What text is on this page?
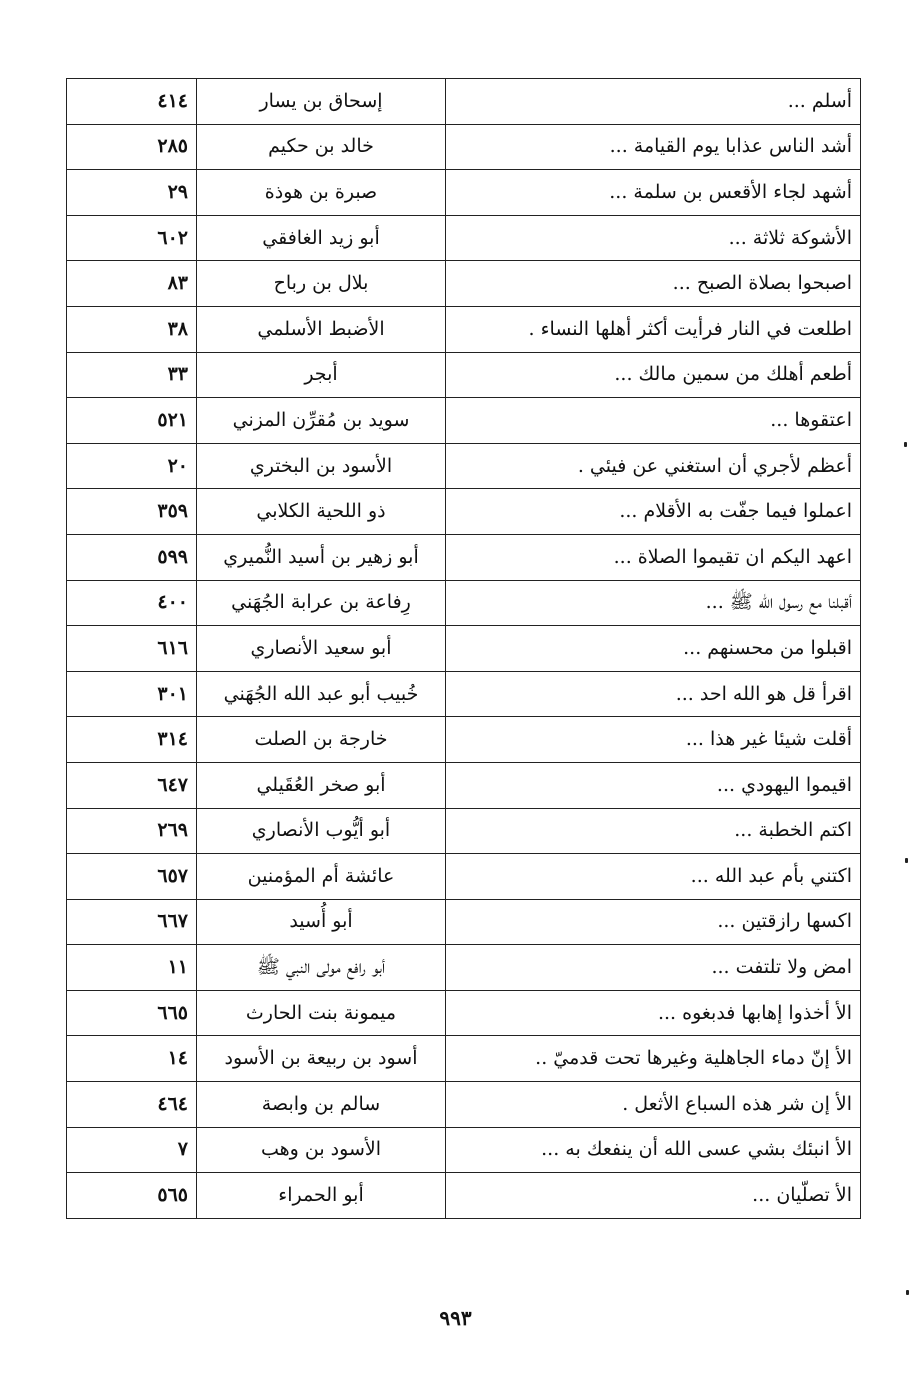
أسلم ...	إسحاق بن يسار	٤١٤
أشد الناس عذابا يوم القيامة ...	خالد بن حكيم	٢٨٥
أشهد لجاء الأقعس بن سلمة ...	صبرة بن هوذة	٢٩
الأشوكة ثلاثة ...	أبو زيد الغافقي	٦٠٢
اصبحوا بصلاة الصبح ...	بلال بن رباح	٨٣
اطلعت في النار فرأيت أكثر أهلها النساء .	الأضبط الأسلمي	٣٨
أطعم أهلك من سمين مالك ...	أبجر	٣٣
اعتقوها ...	سويد بن مُقرِّن المزني	٥٢١
أعظم لأجري أن استغني عن فيئي .	الأسود بن البختري	٢٠
اعملوا فيما جفّت به الأقلام ...	ذو اللحية الكلابي	٣٥٩
اعهد اليكم ان تقيموا الصلاة ...	أبو زهير بن أسيد النُّميري	٥٩٩
أقبلنا مع رسول الله ﷺ ...	رِفاعة بن عرابة الجُهَني	٤٠٠
اقبلوا من محسنهم ...	أبو سعيد الأنصاري	٦١٦
اقرأ قل هو الله احد ...	خُبيب أبو عبد الله الجُهَني	٣٠١
أقلت شيئا غير هذا ...	خارجة بن الصلت	٣١٤
اقيموا اليهودي ...	أبو صخر العُقَيلي	٦٤٧
اكتم الخطبة ...	أبو أيُّوب الأنصاري	٢٦٩
اكتني بأم عبد الله ...	عائشة أم المؤمنين	٦٥٧
اكسها رازقتين ...	أبو أُسيد	٦٦٧
امض ولا تلتفت ...	أبو رافع مولى النبي ﷺ	١١
الأ أخذوا إهابها فدبغوه ...	ميمونة بنت الحارث	٦٦٥
الأ إنّ دماء الجاهلية وغيرها تحت قدميّ ..	أسود بن ربيعة بن الأسود	١٤
الأ إن شر هذه السباع الأثعل .	سالم بن وابصة	٤٦٤
الأ انبئك بشي عسى الله أن ينفعك به ...	الأسود بن وهب	٧
الأ تصلّيان ...	أبو الحمراء	٥٦٥
٩٩٣
